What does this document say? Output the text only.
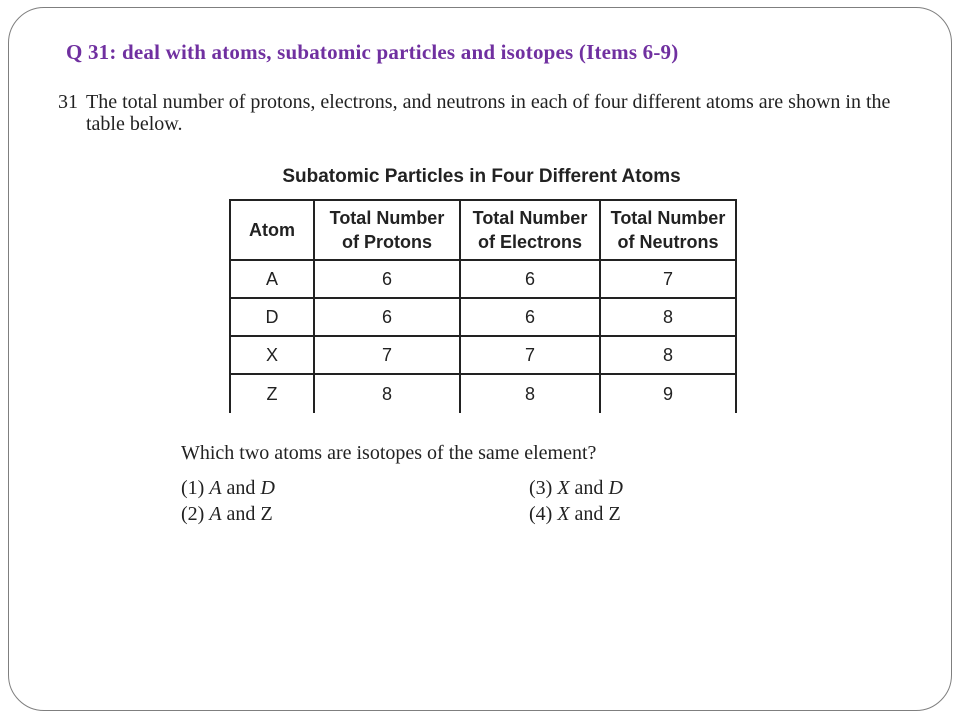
Q 31: deal with atoms, subatomic particles and isotopes (Items 6-9)
31 The total number of protons, electrons, and neutrons in each of four different atoms are shown in the table below.
Subatomic Particles in Four Different Atoms
Atom	Total Number of Protons	Total Number of Electrons	Total Number of Neutrons
A	6	6	7
D	6	6	8
X	7	7	8
Z	8	8	9
Which two atoms are isotopes of the same element?
(1) A and D
(2) A and Z
(3) X and D
(4) X and Z
